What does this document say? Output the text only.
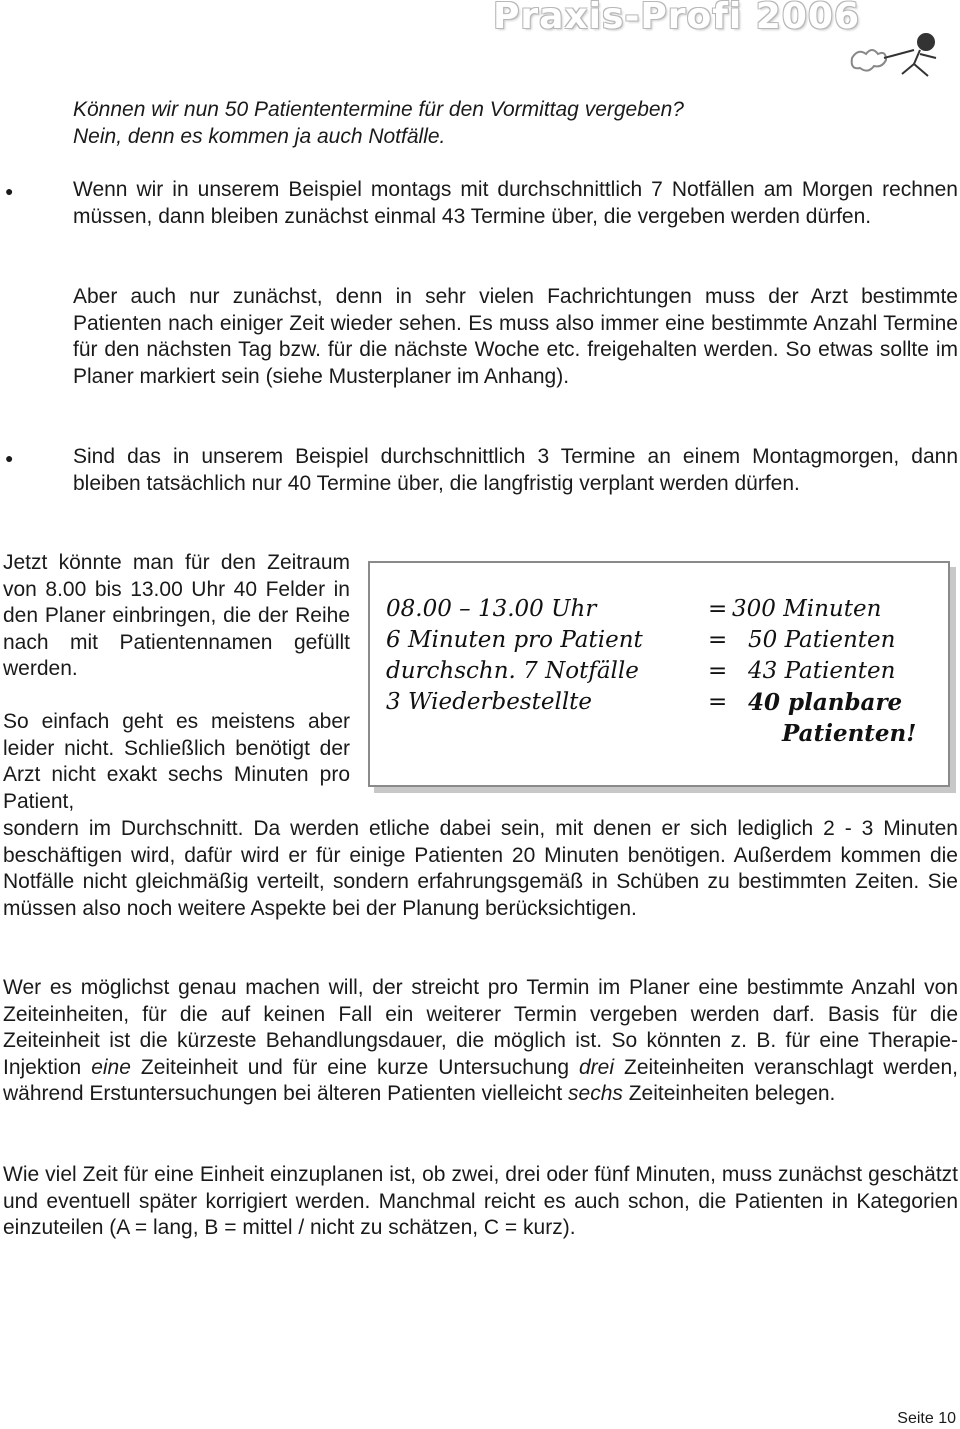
Praxis-Profi 2006

Können wir nun 50 Patiententermine für den Vormittag vergeben?

Nein, denn es kommen ja auch Notfälle.

●	Wenn wir in unserem Beispiel montags mit durchschnittlich 7 Notfällen am Morgen rechnen müssen, dann bleiben zunächst einmal 43 Termine über, die vergeben werden dürfen.

Aber auch nur zunächst, denn in sehr vielen Fachrichtungen muss der Arzt bestimmte Patienten nach einiger Zeit wieder sehen. Es muss also immer eine bestimmte Anzahl Termine für den nächsten Tag bzw. für die nächste Woche etc. freigehalten werden. So etwas sollte im Planer markiert sein (siehe Musterplaner im Anhang).

●	Sind das in unserem Beispiel durchschnittlich 3 Termine an einem Montagmorgen, dann bleiben tatsächlich nur 40 Termine über, die langfristig verplant werden dürfen.

Jetzt könnte man für den Zeitraum von 8.00 bis 13.00 Uhr 40 Felder in den Planer einbringen, die der Reihe nach mit Patientennamen gefüllt werden.

So einfach geht es meistens aber leider nicht. Schließlich benötigt der Arzt nicht exakt sechs Minuten pro Patient,

08.00 – 13.00 Uhr	= 300 Minuten
6 Minuten pro Patient	= 50 Patienten
durchschn. 7 Notfälle	= 43 Patienten
3 Wiederbestellte	= 40 planbare
Patienten!

sondern im Durchschnitt. Da werden etliche dabei sein, mit denen er sich lediglich 2 - 3 Minuten beschäftigen wird, dafür wird er für einige Patienten 20 Minuten benötigen. Außerdem kommen die Notfälle nicht gleichmäßig verteilt, sondern erfahrungsgemäß in Schüben zu bestimmten Zeiten. Sie müssen also noch weitere Aspekte bei der Planung berücksichtigen.

Wer es möglichst genau machen will, der streicht pro Termin im Planer eine bestimmte Anzahl von Zeiteinheiten, für die auf keinen Fall ein weiterer Termin vergeben werden darf. Basis für die Zeiteinheit ist die kürzeste Behandlungsdauer, die möglich ist. So könnten z. B. für eine Therapie-Injektion eine Zeiteinheit und für eine kurze Untersuchung drei Zeiteinheiten veranschlagt werden, während Erstuntersuchungen bei älteren Patienten vielleicht sechs Zeiteinheiten belegen.

Wie viel Zeit für eine Einheit einzuplanen ist, ob zwei, drei oder fünf Minuten, muss zunächst geschätzt und eventuell später korrigiert werden. Manchmal reicht es auch schon, die Patienten in Kategorien einzuteilen (A = lang, B = mittel / nicht zu schätzen, C = kurz).

Seite 10
